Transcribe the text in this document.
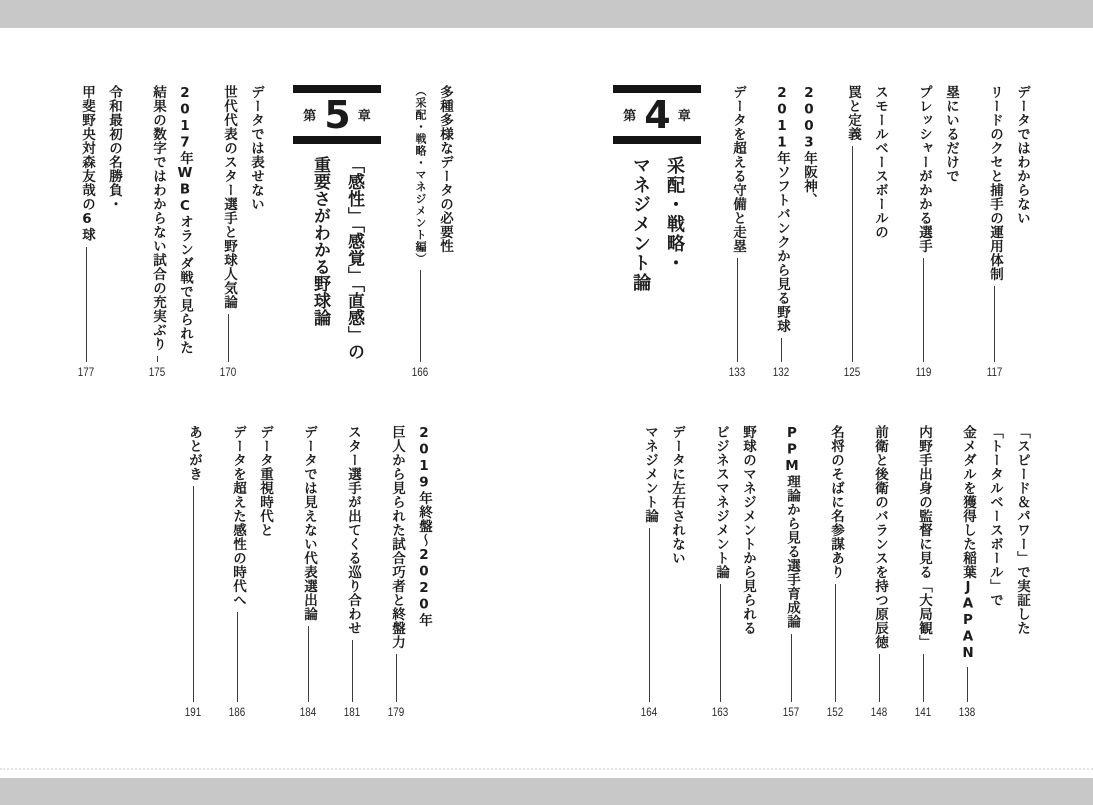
データではわからない
リードのクセと捕手の運用体制
117
塁にいるだけで
プレッシャーがかかる選手
119
スモールベースボールの
罠と定義
125
2003年阪神、
2011年ソフトバンクから見る野球
132
データを超える守備と走塁
133
第 4 章
采配・戦略・
マネジメント論
「スピード＆パワー」で実証した
「トータルベースボール」で
金メダルを獲得した稲葉JAPAN
138
内野手出身の監督に見る「大局観」
141
前衛と後衛のバランスを持つ原辰徳
148
名将のそばに名参謀あり
152
PPM理論から見る選手育成論
157
野球のマネジメントから見られる
ビジネスマネジメント論
163
データに左右されない
マネジメント論
164
多種多様なデータの必要性
（采配・戦略・マネジメント編）
166
第 5 章
「感性」「感覚」「直感」の
重要さがわかる野球論
データでは表せない
世代代表のスター選手と野球人気論
170
2017年WBCオランダ戦で見られた
結果の数字ではわからない試合の充実ぶり
175
令和最初の名勝負・
甲斐野央対森友哉の6球
177
2019年終盤～2020年
巨人から見られた試合巧者と終盤力
179
スター選手が出てくる巡り合わせ
181
データでは見えない代表選出論
184
データ重視時代と
データを超えた感性の時代へ
186
あとがき
191
